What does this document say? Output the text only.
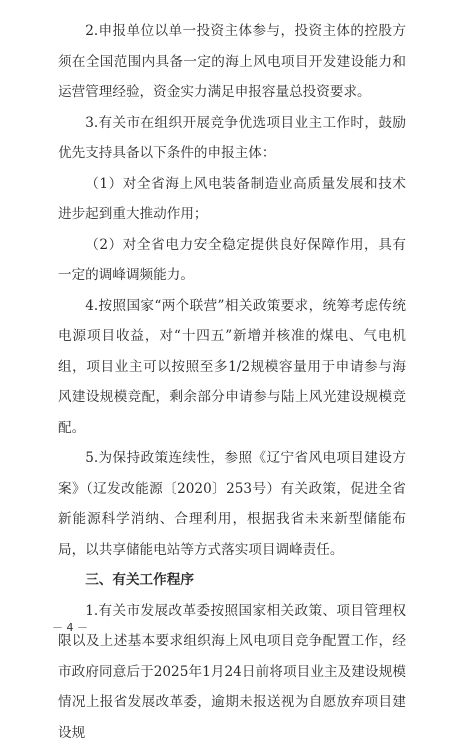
2.申报单位以单一投资主体参与，投资主体的控股方须在全国范围内具备一定的海上风电项目开发建设能力和运营管理经验，资金实力满足申报容量总投资要求。

3.有关市在组织开展竞争优选项目业主工作时，鼓励优先支持具备以下条件的申报主体：

（1）对全省海上风电装备制造业高质量发展和技术进步起到重大推动作用；

（2）对全省电力安全稳定提供良好保障作用，具有一定的调峰调频能力。

4.按照国家“两个联营”相关政策要求，统筹考虑传统电源项目收益，对“十四五”新增并核准的煤电、气电机组，项目业主可以按照至多1/2规模容量用于申请参与海风建设规模竞配，剩余部分申请参与陆上风光建设规模竞配。

5.为保持政策连续性，参照《辽宁省风电项目建设方案》（辽发改能源〔2020〕253号）有关政策，促进全省新能源科学消纳、合理利用，根据我省未来新型储能布局，以共享储能电站等方式落实项目调峰责任。

三、有关工作程序

1.有关市发展改革委按照国家相关政策、项目管理权限以及上述基本要求组织海上风电项目竞争配置工作，经市政府同意后于2025年1月24日前将项目业主及建设规模情况上报省发展改革委，逾期未报送视为自愿放弃项目建设规

－ 4 －
